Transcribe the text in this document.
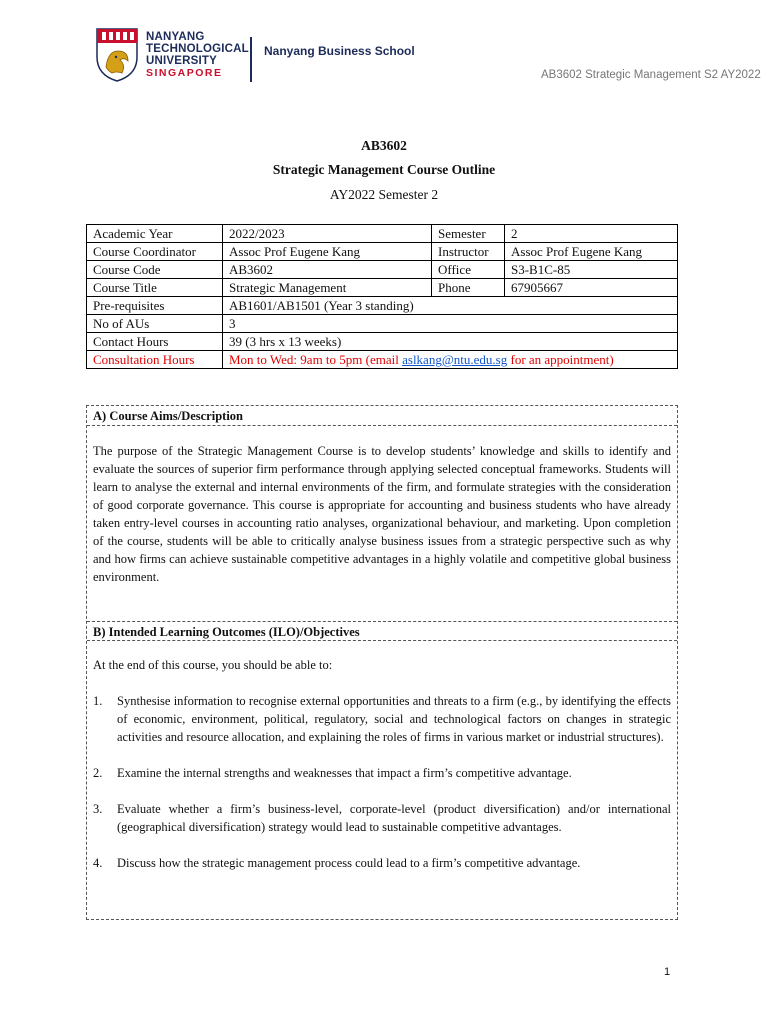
NANYANG
TECHNOLOGICAL
UNIVERSITY
SINGAPORE
Nanyang Business School
AB3602 Strategic Management S2 AY2022
AB3602
Strategic Management Course Outline
AY2022 Semester 2
Academic Year	2022/2023	Semester	2
Course Coordinator	Assoc Prof Eugene Kang	Instructor	Assoc Prof Eugene Kang
Course Code	AB3602	Office	S3-B1C-85
Course Title	Strategic Management	Phone	67905667
Pre-requisites	AB1601/AB1501 (Year 3 standing)		
No of AUs	3		
Contact Hours	39 (3 hrs x 13 weeks)		
Consultation Hours	Mon to Wed: 9am to 5pm (email aslkang@ntu.edu.sg for an appointment)		
A) Course Aims/Description

The purpose of the Strategic Management Course is to develop students’ knowledge and skills to identify and evaluate the sources of superior firm performance through applying selected conceptual frameworks. Students will learn to analyse the external and internal environments of the firm, and formulate strategies with the consideration of good corporate governance. This course is appropriate for accounting and business students who have already taken entry-level courses in accounting ratio analyses, organizational behaviour, and marketing. Upon completion of the course, students will be able to critically analyse business issues from a strategic perspective such as why and how firms can achieve sustainable competitive advantages in a highly volatile and competitive global business environment.

B) Intended Learning Outcomes (ILO)/Objectives
At the end of this course, you should be able to:
1. Synthesise information to recognise external opportunities and threats to a firm (e.g., by identifying the effects of economic, environment, political, regulatory, social and technological factors on changes in strategic activities and resource allocation, and explaining the roles of firms in various market or industrial structures).
2. Examine the internal strengths and weaknesses that impact a firm’s competitive advantage.
3. Evaluate whether a firm’s business-level, corporate-level (product diversification) and/or international (geographical diversification) strategy would lead to sustainable competitive advantages.
4. Discuss how the strategic management process could lead to a firm’s competitive advantage.
1
